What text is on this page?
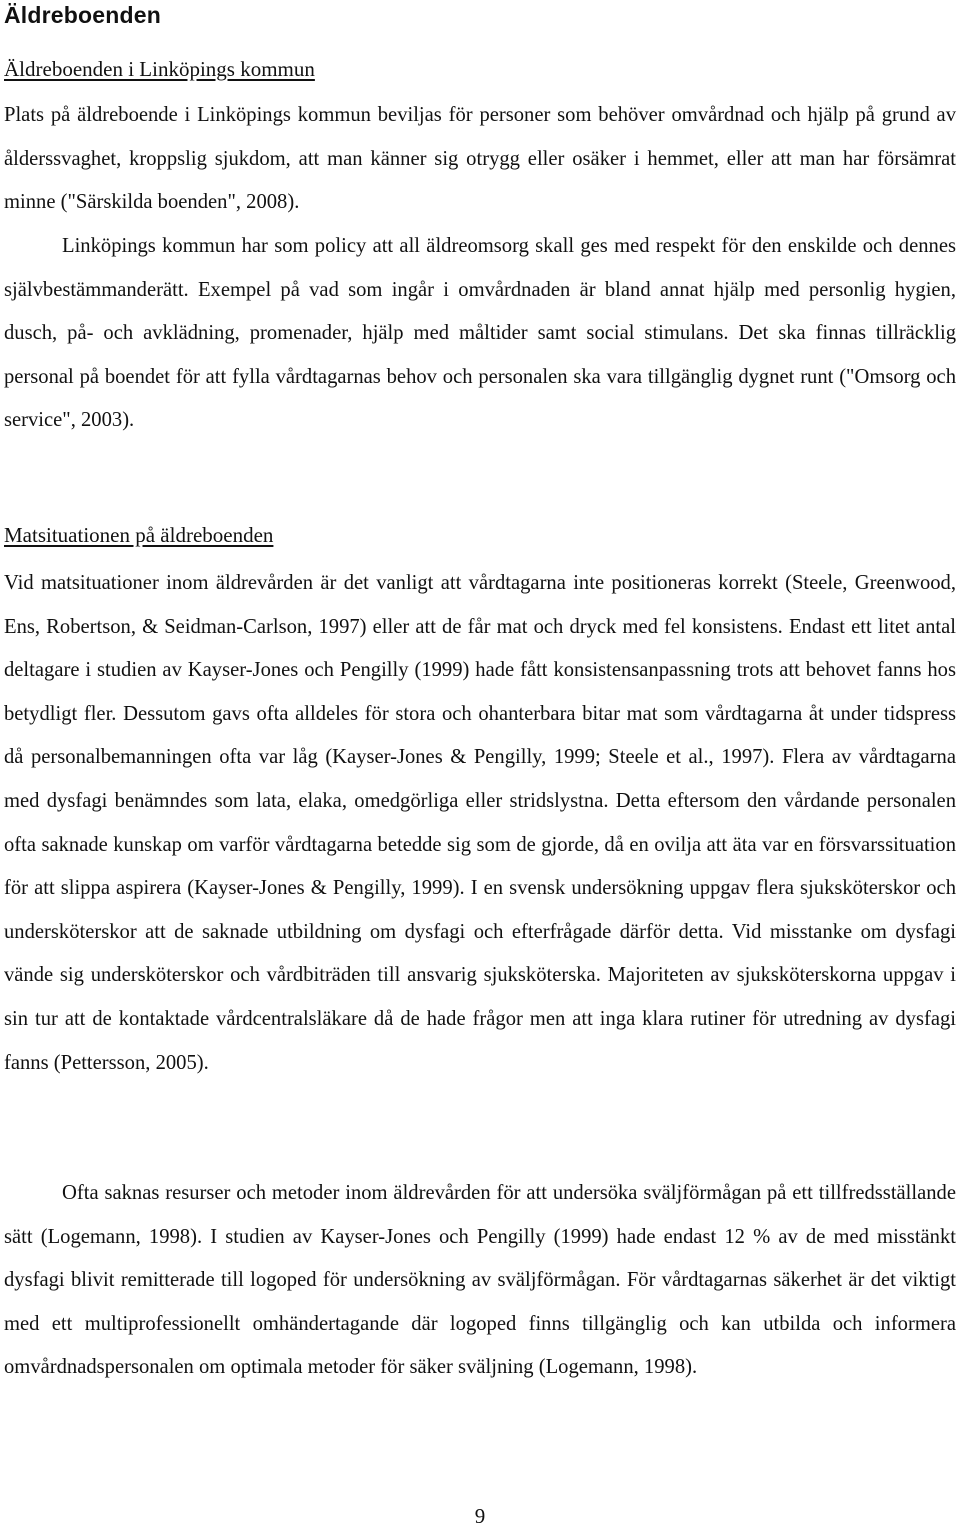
Äldreboenden
Äldreboenden i Linköpings kommun

Plats på äldreboende i Linköpings kommun beviljas för personer som behöver omvårdnad och hjälp på grund av ålderssvaghet, kroppslig sjukdom, att man känner sig otrygg eller osäker i hemmet, eller att man har försämrat minne ("Särskilda boenden", 2008).

Linköpings kommun har som policy att all äldreomsorg skall ges med respekt för den enskilde och dennes självbestämmanderätt. Exempel på vad som ingår i omvårdnaden är bland annat hjälp med personlig hygien, dusch, på- och avklädning, promenader, hjälp med måltider samt social stimulans. Det ska finnas tillräcklig personal på boendet för att fylla vårdtagarnas behov och personalen ska vara tillgänglig dygnet runt ("Omsorg och service", 2003).

Matsituationen på äldreboenden

Vid matsituationer inom äldrevården är det vanligt att vårdtagarna inte positioneras korrekt (Steele, Greenwood, Ens, Robertson, & Seidman-Carlson, 1997) eller att de får mat och dryck med fel konsistens. Endast ett litet antal deltagare i studien av Kayser-Jones och Pengilly (1999) hade fått konsistensanpassning trots att behovet fanns hos betydligt fler. Dessutom gavs ofta alldeles för stora och ohanterbara bitar mat som vårdtagarna åt under tidspress då personalbemanningen ofta var låg (Kayser-Jones & Pengilly, 1999; Steele et al., 1997). Flera av vårdtagarna med dysfagi benämndes som lata, elaka, omedgörliga eller stridslystna. Detta eftersom den vårdande personalen ofta saknade kunskap om varför vårdtagarna betedde sig som de gjorde, då en ovilja att äta var en försvarssituation för att slippa aspirera (Kayser-Jones & Pengilly, 1999). I en svensk undersökning uppgav flera sjuksköterskor och undersköterskor att de saknade utbildning om dysfagi och efterfrågade därför detta. Vid misstanke om dysfagi vände sig undersköterskor och vårdbiträden till ansvarig sjuksköterska. Majoriteten av sjuksköterskorna uppgav i sin tur att de kontaktade vårdcentralsläkare då de hade frågor men att inga klara rutiner för utredning av dysfagi fanns (Pettersson, 2005).

Ofta saknas resurser och metoder inom äldrevården för att undersöka sväljförmågan på ett tillfredsställande sätt (Logemann, 1998). I studien av Kayser-Jones och Pengilly (1999) hade endast 12 % av de med misstänkt dysfagi blivit remitterade till logoped för undersökning av sväljförmågan. För vårdtagarnas säkerhet är det viktigt med ett multiprofessionellt omhändertagande där logoped finns tillgänglig och kan utbilda och informera omvårdnadspersonalen om optimala metoder för säker sväljning (Logemann, 1998).

9
